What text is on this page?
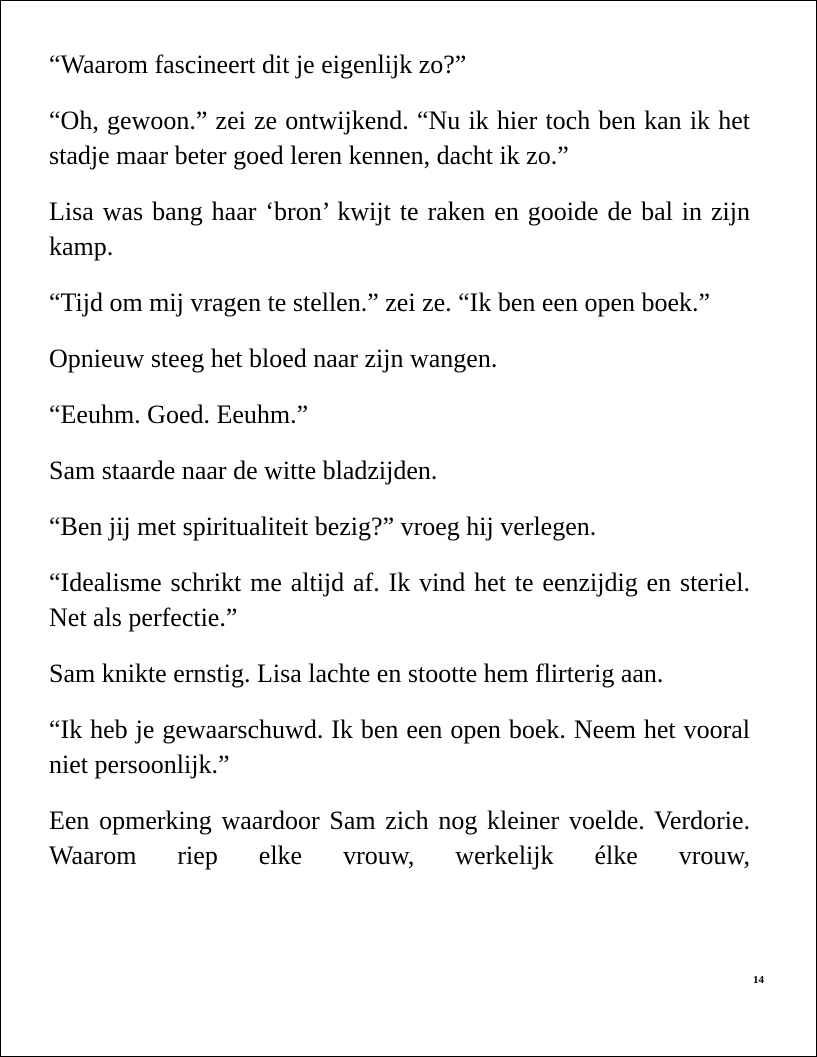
“Waarom fascineert dit je eigenlijk zo?”

“Oh, gewoon.” zei ze ontwijkend. “Nu ik hier toch ben kan ik het stadje maar beter goed leren kennen, dacht ik zo.”

Lisa was bang haar ‘bron’ kwijt te raken en gooide de bal in zijn kamp.

“Tijd om mij vragen te stellen.” zei ze. “Ik ben een open boek.”

Opnieuw steeg het bloed naar zijn wangen.

“Eeuhm. Goed. Eeuhm.”

Sam staarde naar de witte bladzijden.

“Ben jij met spiritualiteit bezig?” vroeg hij verlegen.

“Idealisme schrikt me altijd af. Ik vind het te eenzijdig en steriel. Net als perfectie.”

Sam knikte ernstig. Lisa lachte en stootte hem flirterig aan.

“Ik heb je gewaarschuwd. Ik ben een open boek. Neem het vooral niet persoonlijk.”

Een opmerking waardoor Sam zich nog kleiner voelde. Verdorie. Waarom riep elke vrouw, werkelijk élke vrouw,

14
